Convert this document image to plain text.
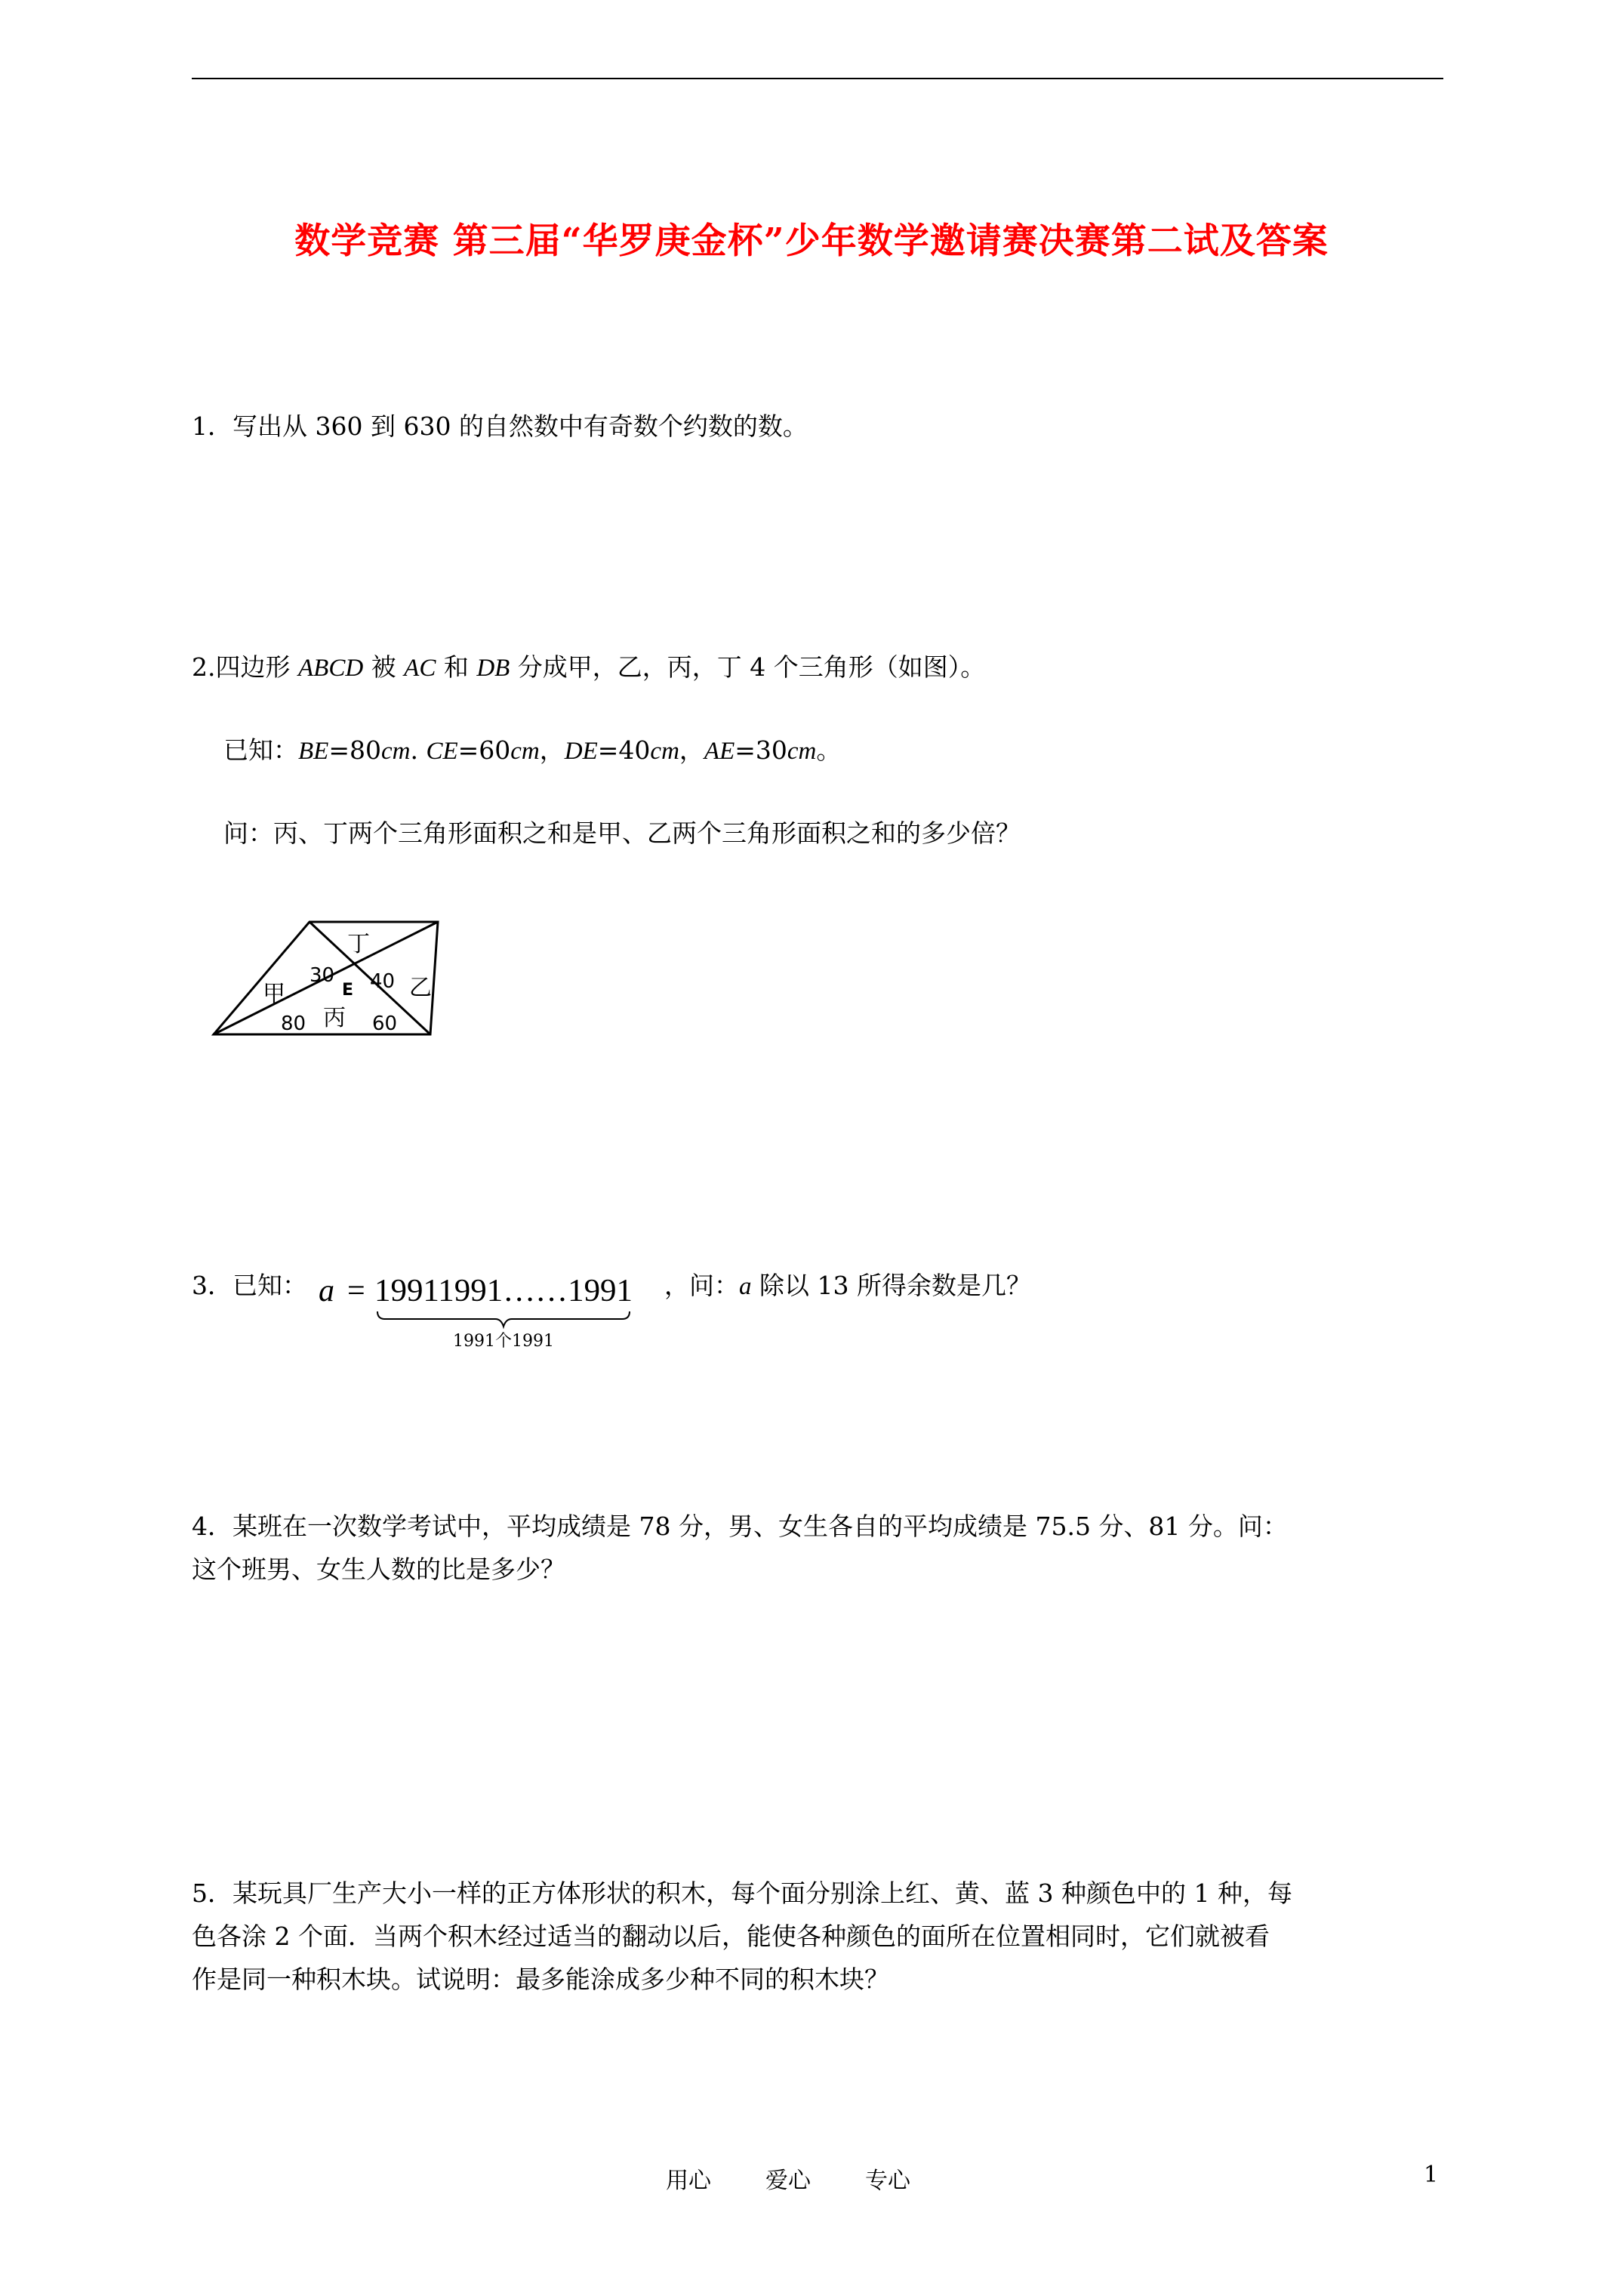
数学竞赛 第三届“华罗庚金杯”少年数学邀请赛决赛第二试及答案
1．写出从 360 到 630 的自然数中有奇数个约数的数。
2.四边形 ABCD 被 AC 和 DB 分成甲，乙，丙，丁 4 个三角形（如图）。
已知：BE=80cm. CE=60cm，DE=40cm，AE=30cm。
问：丙、丁两个三角形面积之和是甲、乙两个三角形面积之和的多少倍？
丁
甲	乙
丙
E
30 40
80	60
3．已知： a = 19911991……1991
1991个1991
，问：a 除以 13 所得余数是几？
4．某班在一次数学考试中，平均成绩是 78 分，男、女生各自的平均成绩是 75.5 分、81 分。问：
这个班男、女生人数的比是多少？
5．某玩具厂生产大小一样的正方体形状的积木，每个面分别涂上红、黄、蓝 3 种颜色中的 1 种，每
色各涂 2 个面．当两个积木经过适当的翻动以后，能使各种颜色的面所在位置相同时，它们就被看
作是同一种积木块。试说明：最多能涂成多少种不同的积木块？
用心 爱心 专心	1
